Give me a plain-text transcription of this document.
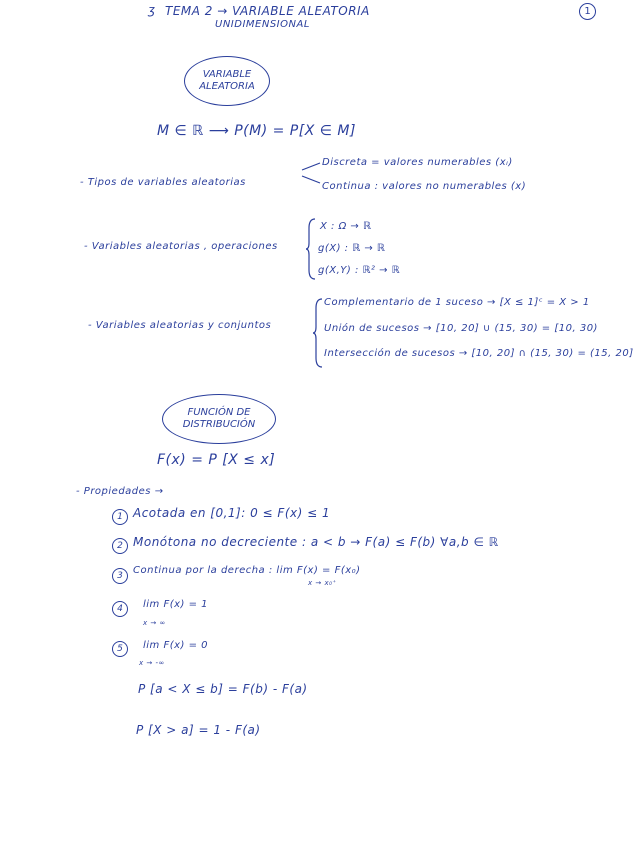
ʒ TEMA 2 → VARIABLE ALEATORIA
UNIDIMENSIONAL
1
VARIABLE
ALEATORIA
M ∈ ℝ ⟶ P(M) = P[X ∈ M]
- Tipos de variables aleatorias
Discreta = valores numerables (xᵢ)
Continua : valores no numerables (x)
- Variables aleatorias , operaciones
X : Ω → ℝ
g(X) : ℝ → ℝ
g(X,Y) : ℝ² → ℝ
- Variables aleatorias y conjuntos
Complementario de 1 suceso → [X ≤ 1]ᶜ = X > 1
Unión de sucesos → [10, 20] ∪ (15, 30) = [10, 30)
Intersección de sucesos → [10, 20] ∩ (15, 30) = (15, 20]
FUNCIÓN DE
DISTRIBUCIÓN
F(x) = P [X ≤ x]
- Propiedades →
1 Acotada en [0,1]: 0 ≤ F(x) ≤ 1
2 Monótona no decreciente : a < b → F(a) ≤ F(b) ∀a,b ∈ ℝ
3	Continua por la derecha : lim F(x) = F(x₀)
x → x₀⁺
4	lim F(x) = 1
x → ∞
5	lim F(x) = 0
x → -∞
P [a < X ≤ b] = F(b) - F(a)
P [X > a] = 1 - F(a)
